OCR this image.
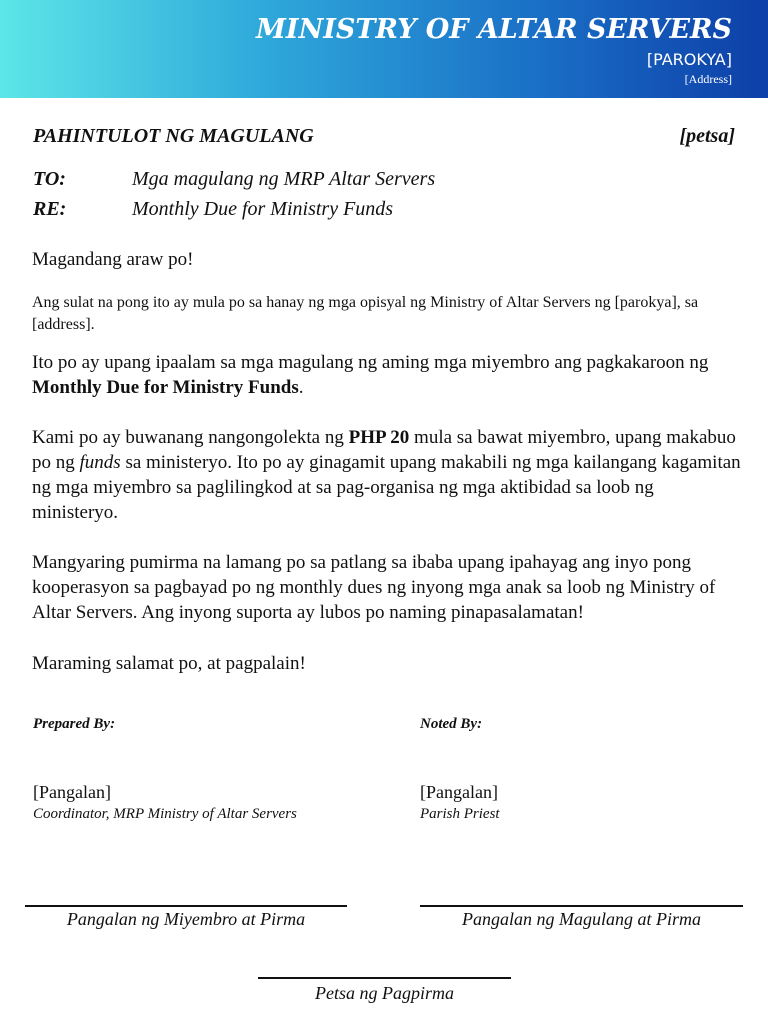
MINISTRY OF ALTAR SERVERS
[PAROKYA]
[Address]
PAHINTULOT NG MAGULANG	[petsa]
TO:	Mga magulang ng MRP Altar Servers
RE:	Monthly Due for Ministry Funds
Magandang araw po!
Ang sulat na pong ito ay mula po sa hanay ng mga opisyal ng Ministry of Altar Servers ng [parokya], sa [address].
Ito po ay upang ipaalam sa mga magulang ng aming mga miyembro ang pagkakaroon ng Monthly Due for Ministry Funds.
Kami po ay buwanang nangongolekta ng PHP 20 mula sa bawat miyembro, upang makabuo po ng funds sa ministeryo. Ito po ay ginagamit upang makabili ng mga kailangang kagamitan ng mga miyembro sa paglilingkod at sa pag-organisa ng mga aktibidad sa loob ng ministeryo.
Mangyaring pumirma na lamang po sa patlang sa ibaba upang ipahayag ang inyo pong kooperasyon sa pagbayad po ng monthly dues ng inyong mga anak sa loob ng Ministry of Altar Servers. Ang inyong suporta ay lubos po naming pinapasalamatan!
Maraming salamat po, at pagpalain!
Prepared By:
[Pangalan]
Coordinator, MRP Ministry of Altar Servers
Noted By:
[Pangalan]
Parish Priest
Pangalan ng Miyembro at Pirma	Pangalan ng Magulang at Pirma
Petsa ng Pagpirma
